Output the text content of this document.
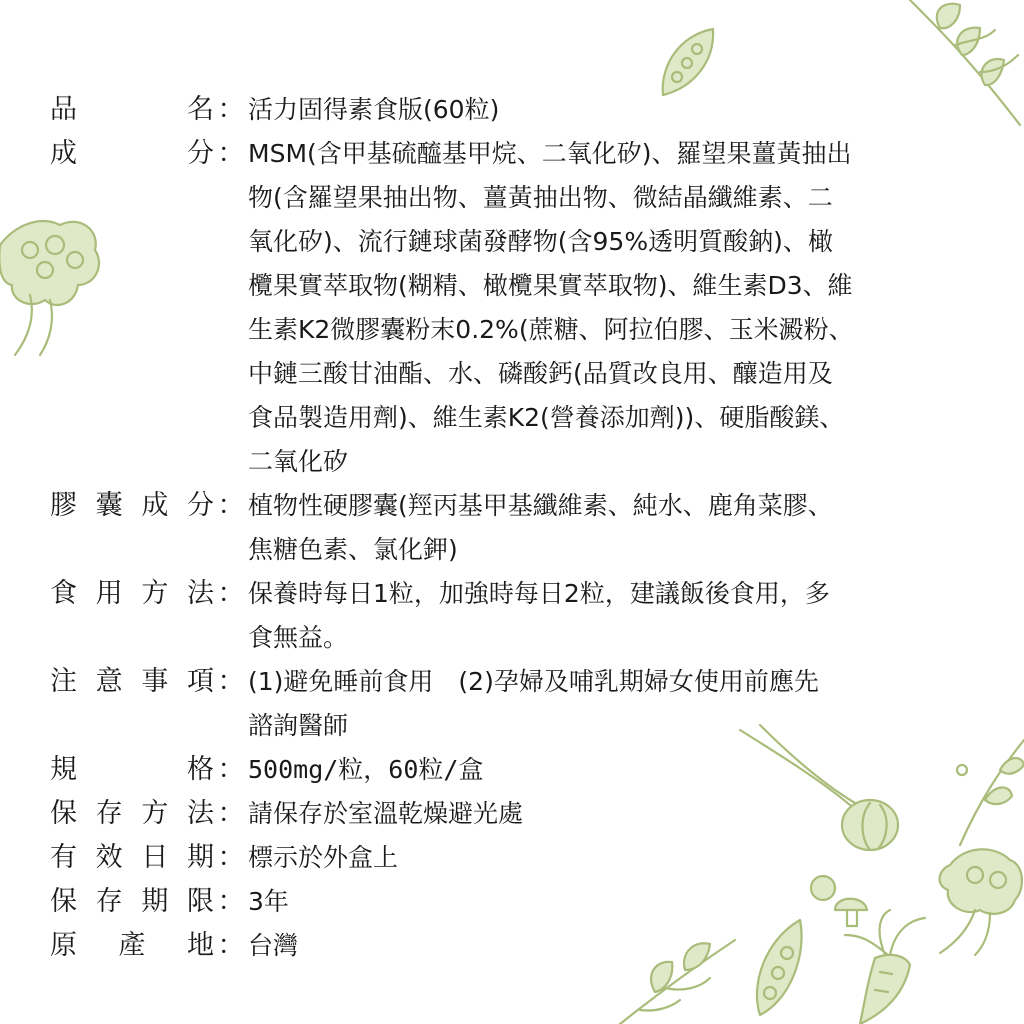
品	名 ： 活力固得素食版(60粒)
成	分 ： MSM(含甲基硫醯基甲烷、二氧化矽)、羅望果薑黃抽出
物(含羅望果抽出物、薑黃抽出物、微結晶纖維素、二
氧化矽)、流行鏈球菌發酵物(含95%透明質酸鈉)、橄
欖果實萃取物(糊精、橄欖果實萃取物)、維生素D3、維
生素K2微膠囊粉末0.2%(蔗糖、阿拉伯膠、玉米澱粉、
中鏈三酸甘油酯、水、磷酸鈣(品質改良用、釀造用及
食品製造用劑)、維生素K2(營養添加劑))、硬脂酸鎂、
二氧化矽
膠 囊 成 分 ： 植物性硬膠囊(羥丙基甲基纖維素、純水、鹿角菜膠、
焦糖色素、氯化鉀)
食 用 方 法 ： 保養時每日1粒，加強時每日2粒，建議飯後食用，多
食無益。
注 意 事 項 ： (1)避免睡前食用　(2)孕婦及哺乳期婦女使用前應先
諮詢醫師
規	格 ： 500mg/粒，60粒/盒
保 存 方 法 ： 請保存於室溫乾燥避光處
有 效 日 期 ： 標示於外盒上
保 存 期 限 ： 3年
原 產 地 ： 台灣
